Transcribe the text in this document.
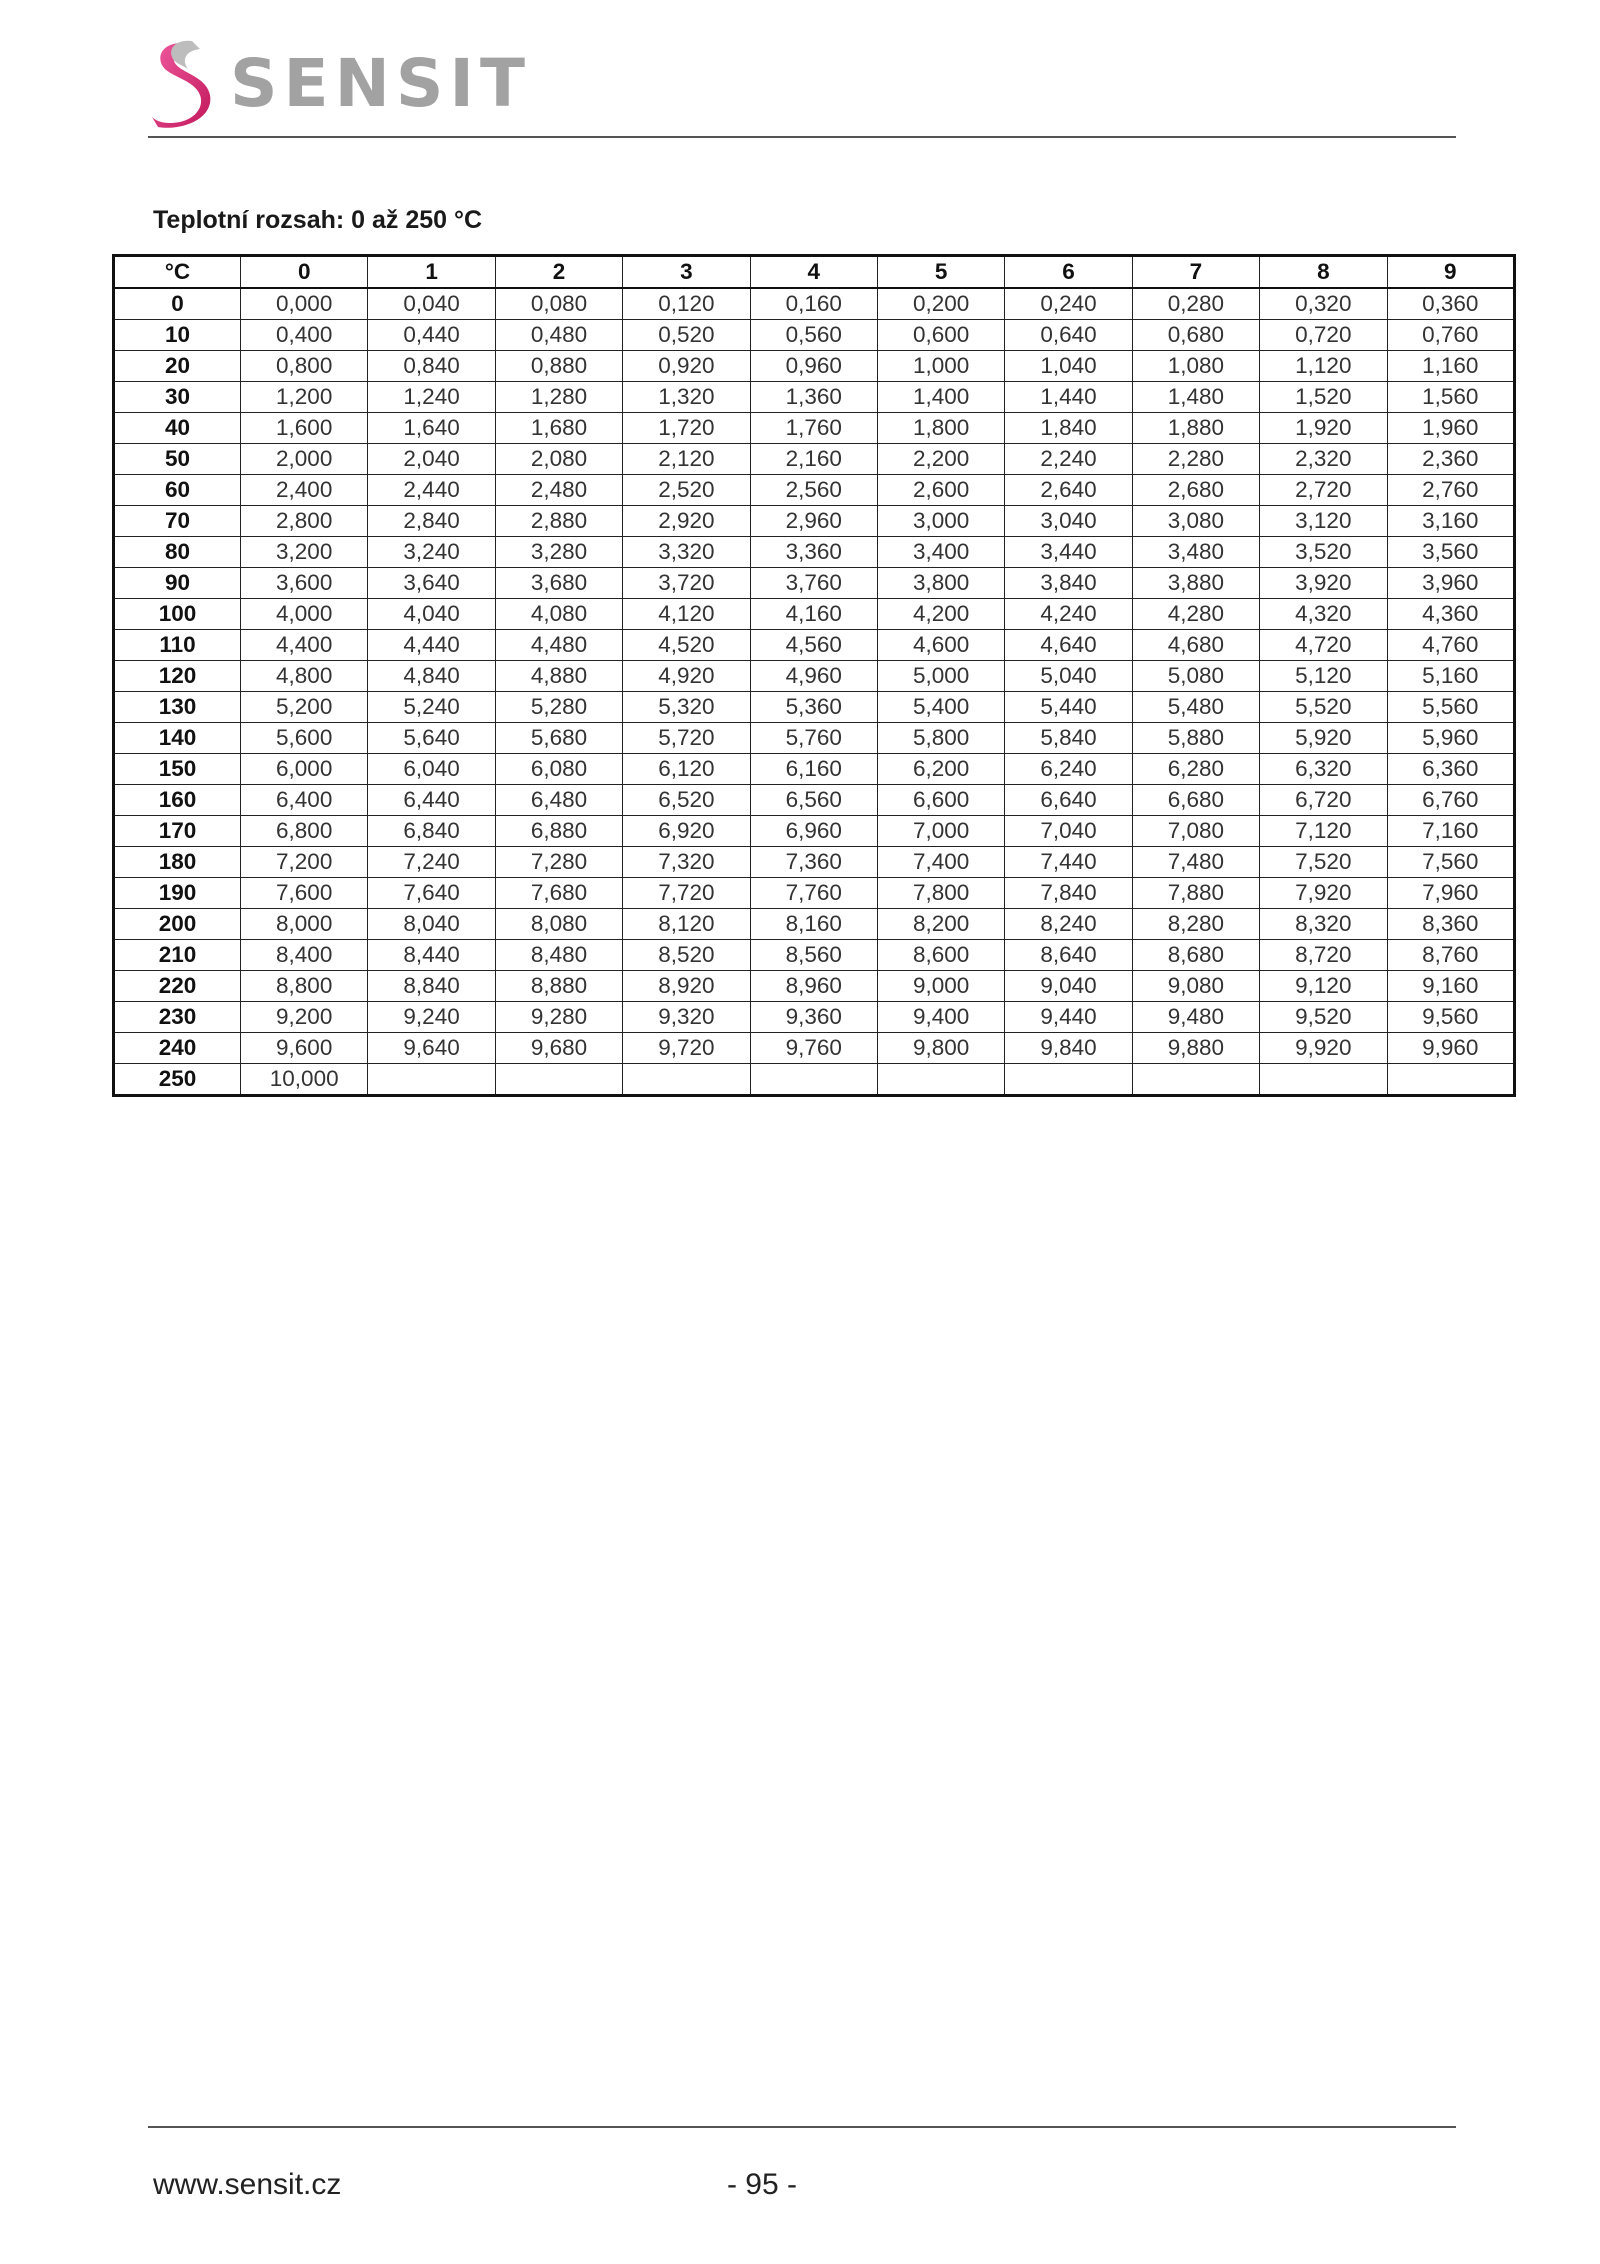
SENSIT
Teplotní rozsah: 0 až 250 °C
°C	0	1	2	3	4	5	6	7	8	9
0	0,000	0,040	0,080	0,120	0,160	0,200	0,240	0,280	0,320	0,360
10	0,400	0,440	0,480	0,520	0,560	0,600	0,640	0,680	0,720	0,760
20	0,800	0,840	0,880	0,920	0,960	1,000	1,040	1,080	1,120	1,160
30	1,200	1,240	1,280	1,320	1,360	1,400	1,440	1,480	1,520	1,560
40	1,600	1,640	1,680	1,720	1,760	1,800	1,840	1,880	1,920	1,960
50	2,000	2,040	2,080	2,120	2,160	2,200	2,240	2,280	2,320	2,360
60	2,400	2,440	2,480	2,520	2,560	2,600	2,640	2,680	2,720	2,760
70	2,800	2,840	2,880	2,920	2,960	3,000	3,040	3,080	3,120	3,160
80	3,200	3,240	3,280	3,320	3,360	3,400	3,440	3,480	3,520	3,560
90	3,600	3,640	3,680	3,720	3,760	3,800	3,840	3,880	3,920	3,960
100	4,000	4,040	4,080	4,120	4,160	4,200	4,240	4,280	4,320	4,360
110	4,400	4,440	4,480	4,520	4,560	4,600	4,640	4,680	4,720	4,760
120	4,800	4,840	4,880	4,920	4,960	5,000	5,040	5,080	5,120	5,160
130	5,200	5,240	5,280	5,320	5,360	5,400	5,440	5,480	5,520	5,560
140	5,600	5,640	5,680	5,720	5,760	5,800	5,840	5,880	5,920	5,960
150	6,000	6,040	6,080	6,120	6,160	6,200	6,240	6,280	6,320	6,360
160	6,400	6,440	6,480	6,520	6,560	6,600	6,640	6,680	6,720	6,760
170	6,800	6,840	6,880	6,920	6,960	7,000	7,040	7,080	7,120	7,160
180	7,200	7,240	7,280	7,320	7,360	7,400	7,440	7,480	7,520	7,560
190	7,600	7,640	7,680	7,720	7,760	7,800	7,840	7,880	7,920	7,960
200	8,000	8,040	8,080	8,120	8,160	8,200	8,240	8,280	8,320	8,360
210	8,400	8,440	8,480	8,520	8,560	8,600	8,640	8,680	8,720	8,760
220	8,800	8,840	8,880	8,920	8,960	9,000	9,040	9,080	9,120	9,160
230	9,200	9,240	9,280	9,320	9,360	9,400	9,440	9,480	9,520	9,560
240	9,600	9,640	9,680	9,720	9,760	9,800	9,840	9,880	9,920	9,960
250	10,000									
www.sensit.cz	- 95 -
